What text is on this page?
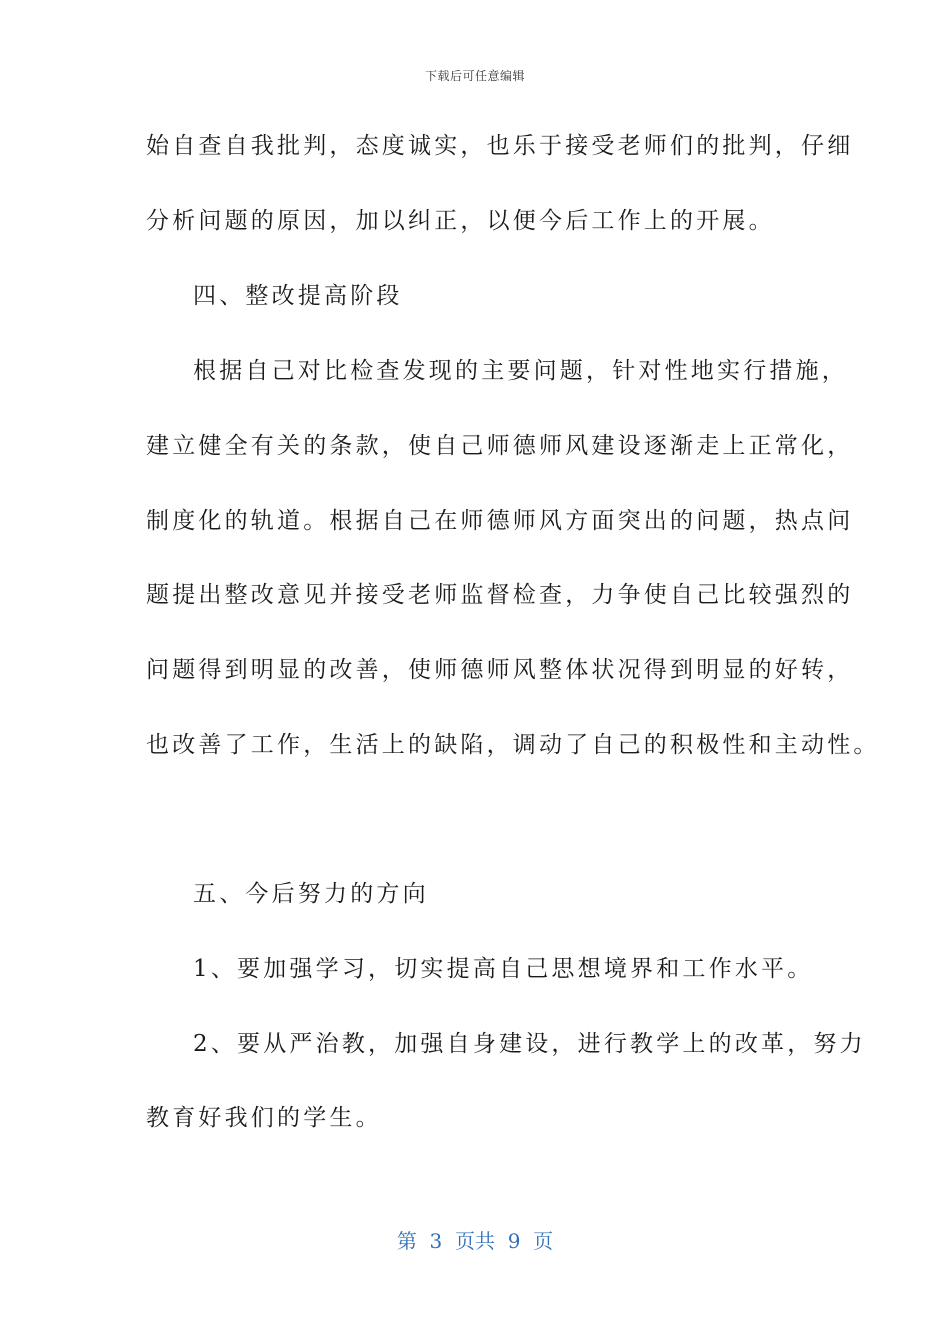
下载后可任意编辑
始自查自我批判，态度诚实，也乐于接受老师们的批判，仔细
分析问题的原因，加以纠正，以便今后工作上的开展。
四、整改提高阶段
根据自己对比检查发现的主要问题，针对性地实行措施，
建立健全有关的条款，使自己师德师风建设逐渐走上正常化，
制度化的轨道。根据自己在师德师风方面突出的问题，热点问
题提出整改意见并接受老师监督检查，力争使自己比较强烈的
问题得到明显的改善，使师德师风整体状况得到明显的好转，
也改善了工作，生活上的缺陷，调动了自己的积极性和主动性。
五、今后努力的方向
1、要加强学习，切实提高自己思想境界和工作水平。
2、要从严治教，加强自身建设，进行教学上的改革，努力
教育好我们的学生。
第  3  页共  9  页
